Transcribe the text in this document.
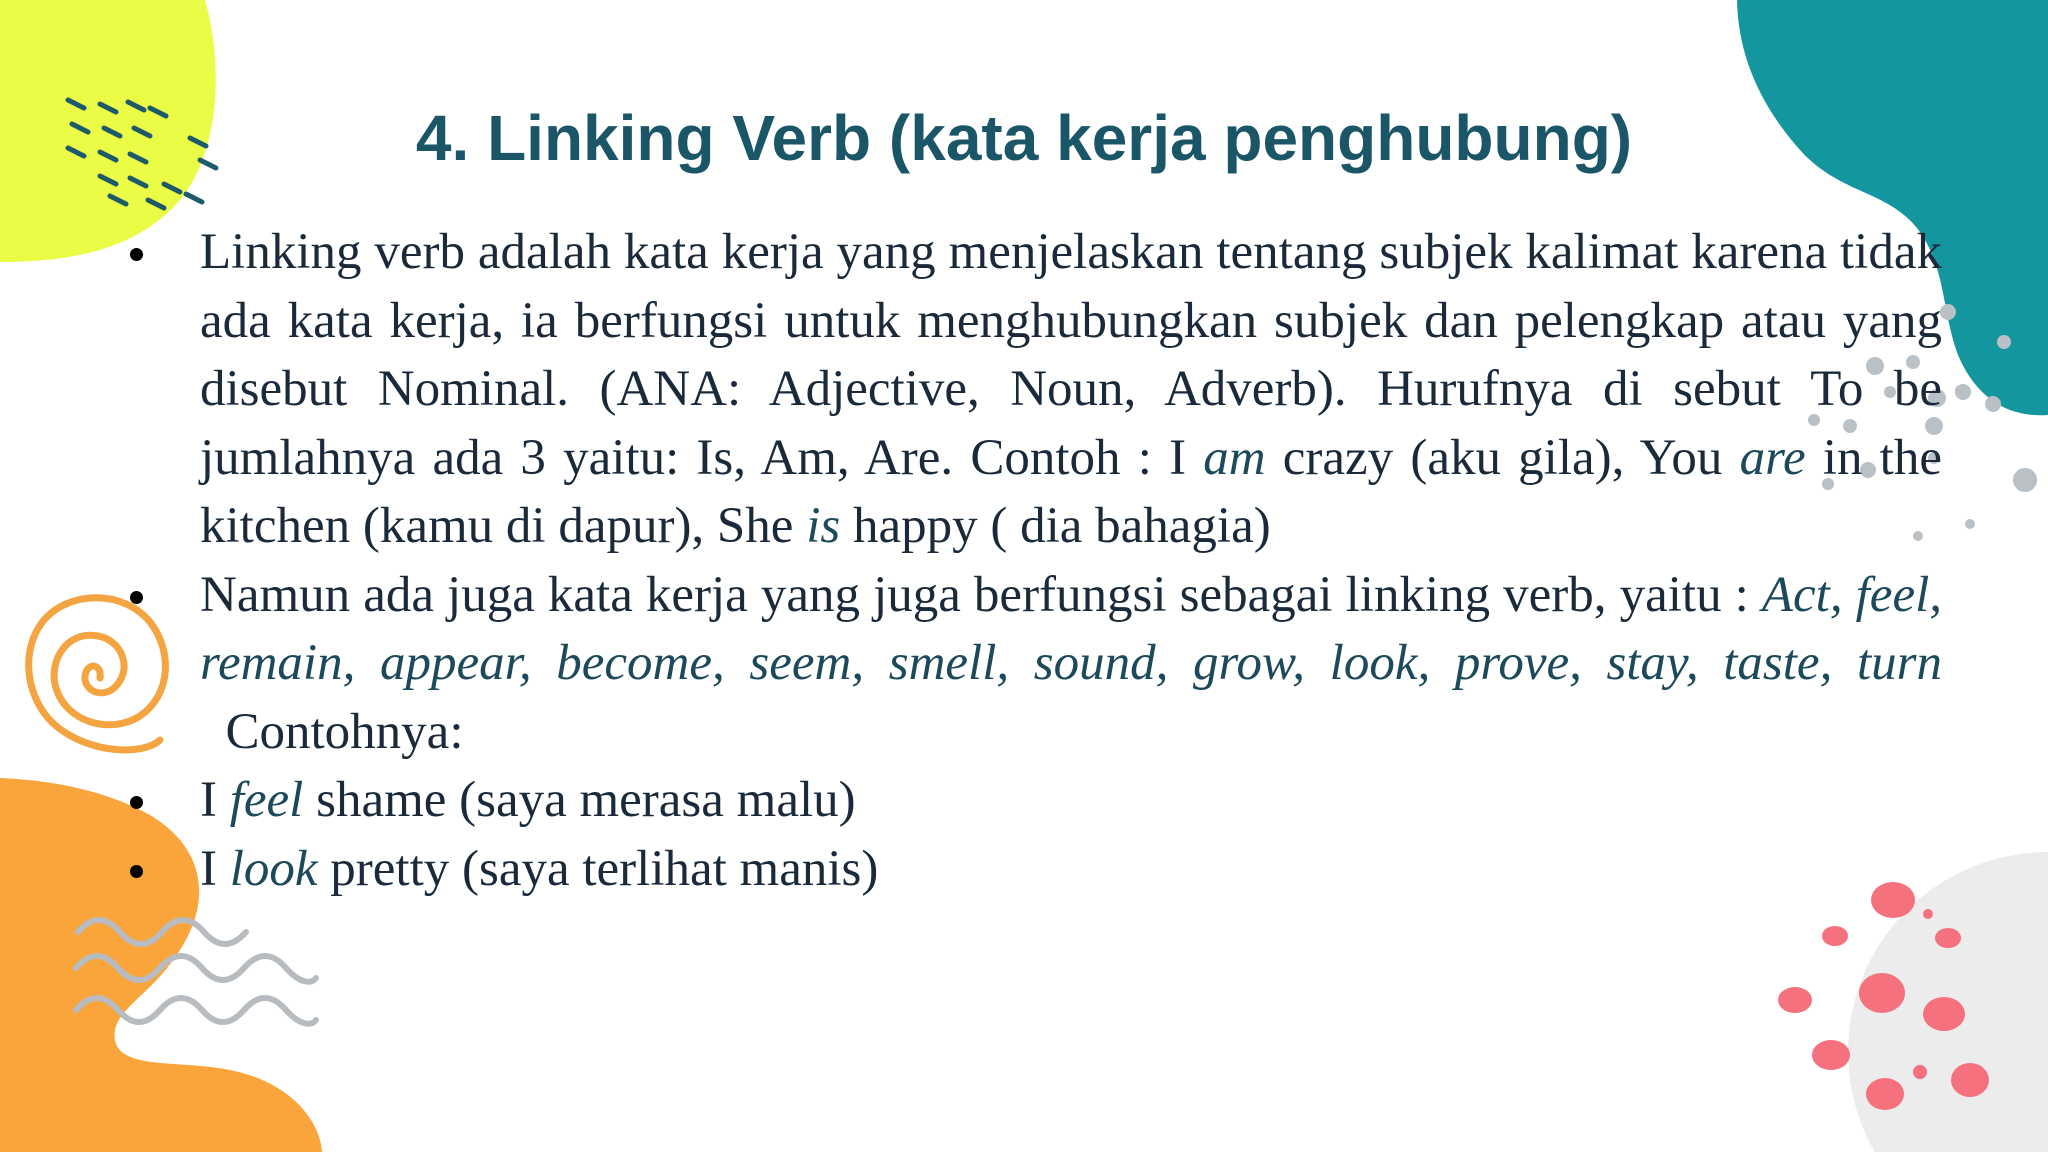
4. Linking Verb (kata kerja penghubung)
Linking verb adalah kata kerja yang menjelaskan tentang subjek kalimat karena tidak ada kata kerja, ia berfungsi untuk menghubungkan subjek dan pelengkap atau yang disebut Nominal. (ANA: Adjective, Noun, Adverb). Hurufnya di sebut To be jumlahnya ada 3 yaitu: Is, Am, Are. Contoh : I am crazy (aku gila), You are in the kitchen (kamu di dapur), She is happy ( dia bahagia)
Namun ada juga kata kerja yang juga berfungsi sebagai linking verb, yaitu : Act, feel, remain, appear, become, seem, smell, sound, grow, look, prove, stay, taste, turn  Contohnya:
I feel shame (saya merasa malu)
I look pretty (saya terlihat manis)
